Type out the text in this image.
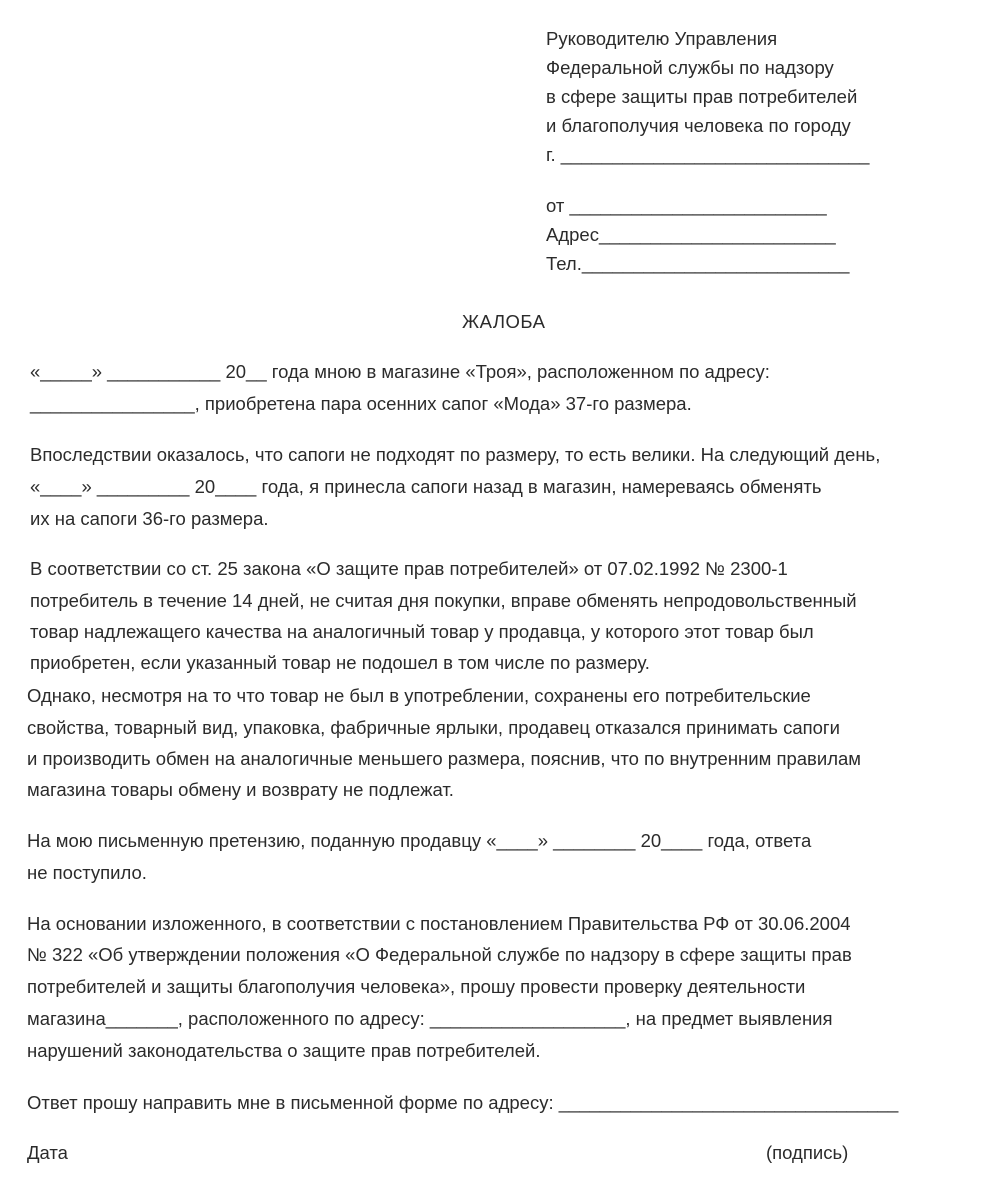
Руководителю Управления
Федеральной службы по надзору
в сфере защиты прав потребителей
и благополучия человека по городу
г. ______________________________
от _________________________
Адрес_______________________
Тел.__________________________
ЖАЛОБА
«_____» ___________ 20__ года мною в магазине «Троя», расположенном по адресу:
________________, приобретена пара осенних сапог «Мода» 37-го размера.
Впоследствии оказалось, что сапоги не подходят по размеру, то есть велики. На следующий день,
«____» _________ 20____ года, я принесла сапоги назад в магазин, намереваясь обменять
их на сапоги 36-го размера.
В соответствии со ст. 25 закона «О защите прав потребителей» от 07.02.1992 № 2300-1
потребитель в течение 14 дней, не считая дня покупки, вправе обменять непродовольственный
товар надлежащего качества на аналогичный товар у продавца, у которого этот товар был
приобретен, если указанный товар не подошел в том числе по размеру.
Однако, несмотря на то что товар не был в употреблении, сохранены его потребительские
свойства, товарный вид, упаковка, фабричные ярлыки, продавец отказался принимать сапоги
и производить обмен на аналогичные меньшего размера, пояснив, что по внутренним правилам
магазина товары обмену и возврату не подлежат.
На мою письменную претензию, поданную продавцу «____» ________ 20____ года, ответа
не поступило.
На основании изложенного, в соответствии с постановлением Правительства РФ от 30.06.2004
№ 322 «Об утверждении положения «О Федеральной службе по надзору в сфере защиты прав
потребителей и защиты благополучия человека», прошу провести проверку деятельности
магазина_______, расположенного по адресу: ___________________, на предмет выявления
нарушений законодательства о защите прав потребителей.
Ответ прошу направить мне в письменной форме по адресу: _________________________________
Дата	(подпись)
